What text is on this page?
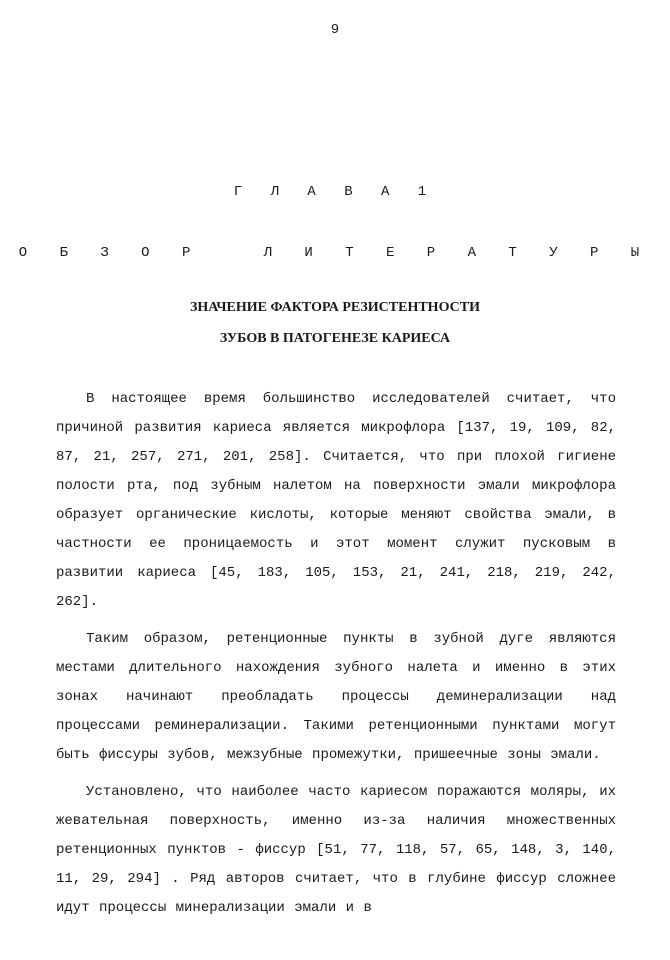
9
Г Л А В А 1
О Б З О Р   Л И Т Е Р А Т У Р Ы
ЗНАЧЕНИЕ ФАКТОРА РЕЗИСТЕНТНОСТИ
ЗУБОВ В ПАТОГЕНЕЗЕ КАРИЕСА

В настоящее время большинство исследователей считает, что причиной развития кариеса является микрофлора [137, 19, 109, 82, 87, 21, 257, 271, 201, 258]. Считается, что при плохой гигиене полости рта, под зубным налетом на поверхности эмали микрофлора образует органические кислоты, которые меняют свойства эмали, в частности ее проницаемость и этот момент служит пусковым в развитии кариеса [45, 183, 105, 153, 21, 241, 218, 219, 242, 262].

Таким образом, ретенционные пункты в зубной дуге являются местами длительного нахождения зубного налета и именно в этих зонах начинают преобладать процессы деминерализации над процессами реминерализации. Такими ретенционными пунктами могут быть фиссуры зубов, межзубные промежутки, пришеечные зоны эмали.

Установлено, что наиболее часто кариесом поражаются моляры, их жевательная поверхность, именно из-за наличия множественных ретенционных пунктов - фиссур [51, 77, 118, 57, 65, 148, 3, 140, 11, 29, 294] . Ряд авторов считает, что в глубине фиссур сложнее идут процессы минерализации эмали и в
